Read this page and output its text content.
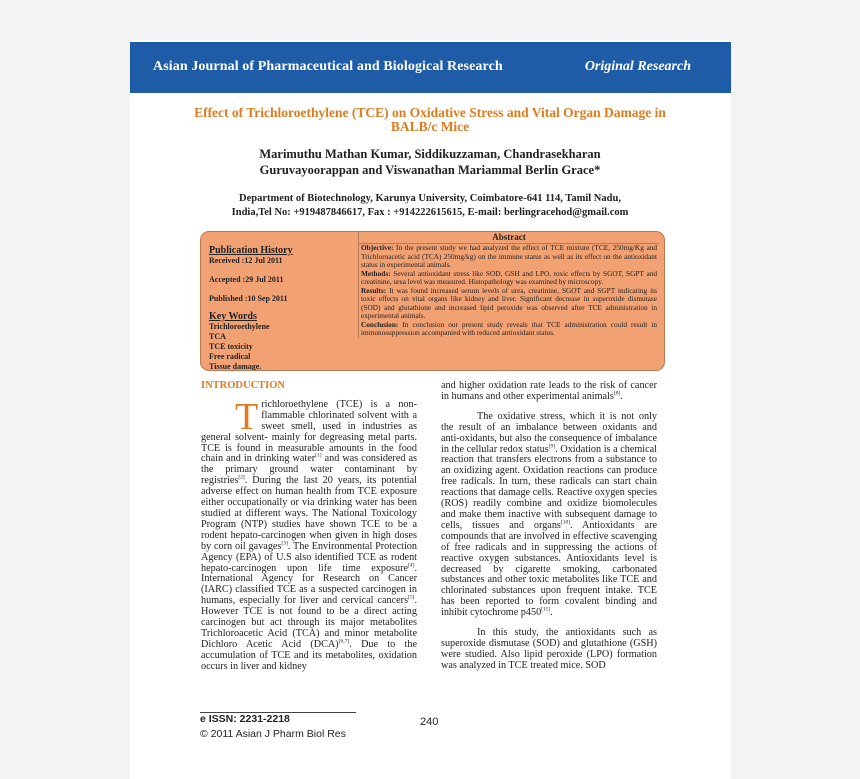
Asian Journal of Pharmaceutical and Biological Research	Original Research
Effect of Trichloroethylene (TCE) on Oxidative Stress and Vital Organ Damage in BALB/c Mice
Marimuthu Mathan Kumar, Siddikuzzaman, Chandrasekharan
Guruvayoorappan and Viswanathan Mariammal Berlin Grace*
Department of Biotechnology, Karunya University, Coimbatore-641 114, Tamil Nadu,
India,Tel No: +919487846617, Fax : +914222615615, E-mail: berlingracehod@gmail.com
Publication History
Received :12 Jul 2011
Accepted :29 Jul 2011
Published :10 Sep 2011
Key Words
Trichloroethylene
TCA
TCE toxicity
Free radical
Tissue damage.
Abstract

Objective: In the present study we had analyzed the effect of TCE mixture (TCE, 250mg/Kg and Trichloroacetic acid (TCA) 250mg/kg) on the immune status as well as its effect on the antioxidant status in experimental animals.

Methods: Several antioxidant stress like SOD, GSH and LPO, toxic effects by SGOT, SGPT and creatinine, urea level was measured. Histopathology was examined by microscopy.

Results: It was found increased serum levels of urea, creatinine, SGOT and SGPT indicating its toxic effects on vital organs like kidney and liver. Significant decrease in superoxide dismutase (SOD) and glutathione and increased lipid peroxide was observed after TCE administration in experimental animals.

Conclusion: In conclusion our present study reveals that TCE administration could result in immunosuppression accompanied with reduced antioxidant status.

INTRODUCTION

Trichloroethylene (TCE) is a non-flammable chlorinated solvent with a sweet smell, used in industries as general solvent- mainly for degreasing metal parts. TCE is found in measurable amounts in the food chain and in drinking water[1] and was considered as the primary ground water contaminant by registries[2]. During the last 20 years, its potential adverse effect on human health from TCE exposure either occupationally or via drinking water has been studied at different ways. The National Toxicology Program (NTP) studies have shown TCE to be a rodent hepato-carcinogen when given in high doses by corn oil gavages[3]. The Environmental Protection Agency (EPA) of U.S also identified TCE as rodent hepato-carcinogen upon life time exposure[4]. International Agency for Research on Cancer (IARC) classified TCE as a suspected carcinogen in humans, especially for liver and cervical cancers[5]. However TCE is not found to be a direct acting carcinogen but act through its major metabolites Trichloroacetic Acid (TCA) and minor metabolite Dichloro Acetic Acid (DCA)[6,7]. Due to the accumulation of TCE and its metabolites, oxidation occurs in liver and kidney

and higher oxidation rate leads to the risk of cancer in humans and other experimental animals[8].

The oxidative stress, which it is not only the result of an imbalance between oxidants and anti-oxidants, but also the consequence of imbalance in the cellular redox status[9]. Oxidation is a chemical reaction that transfers electrons from a substance to an oxidizing agent. Oxidation reactions can produce free radicals. In turn, these radicals can start chain reactions that damage cells. Reactive oxygen species (ROS) readily combine and oxidize biomolecules and make them inactive with subsequent damage to cells, tissues and organs[10]. Antioxidants are compounds that are involved in effective scavenging of free radicals and in suppressing the actions of reactive oxygen substances. Antioxidants level is decreased by cigarette smoking, carbonated substances and other toxic metabolites like TCE and chlorinated substances upon frequent intake. TCE has been reported to form covalent binding and inhibit cytochrome p450[11].

In this study, the antioxidants such as superoxide dismutase (SOD) and glutathione (GSH) were studied. Also lipid peroxide (LPO) formation was analyzed in TCE treated mice. SOD

e ISSN: 2231-2218	240
© 2011 Asian J Pharm Biol Res
